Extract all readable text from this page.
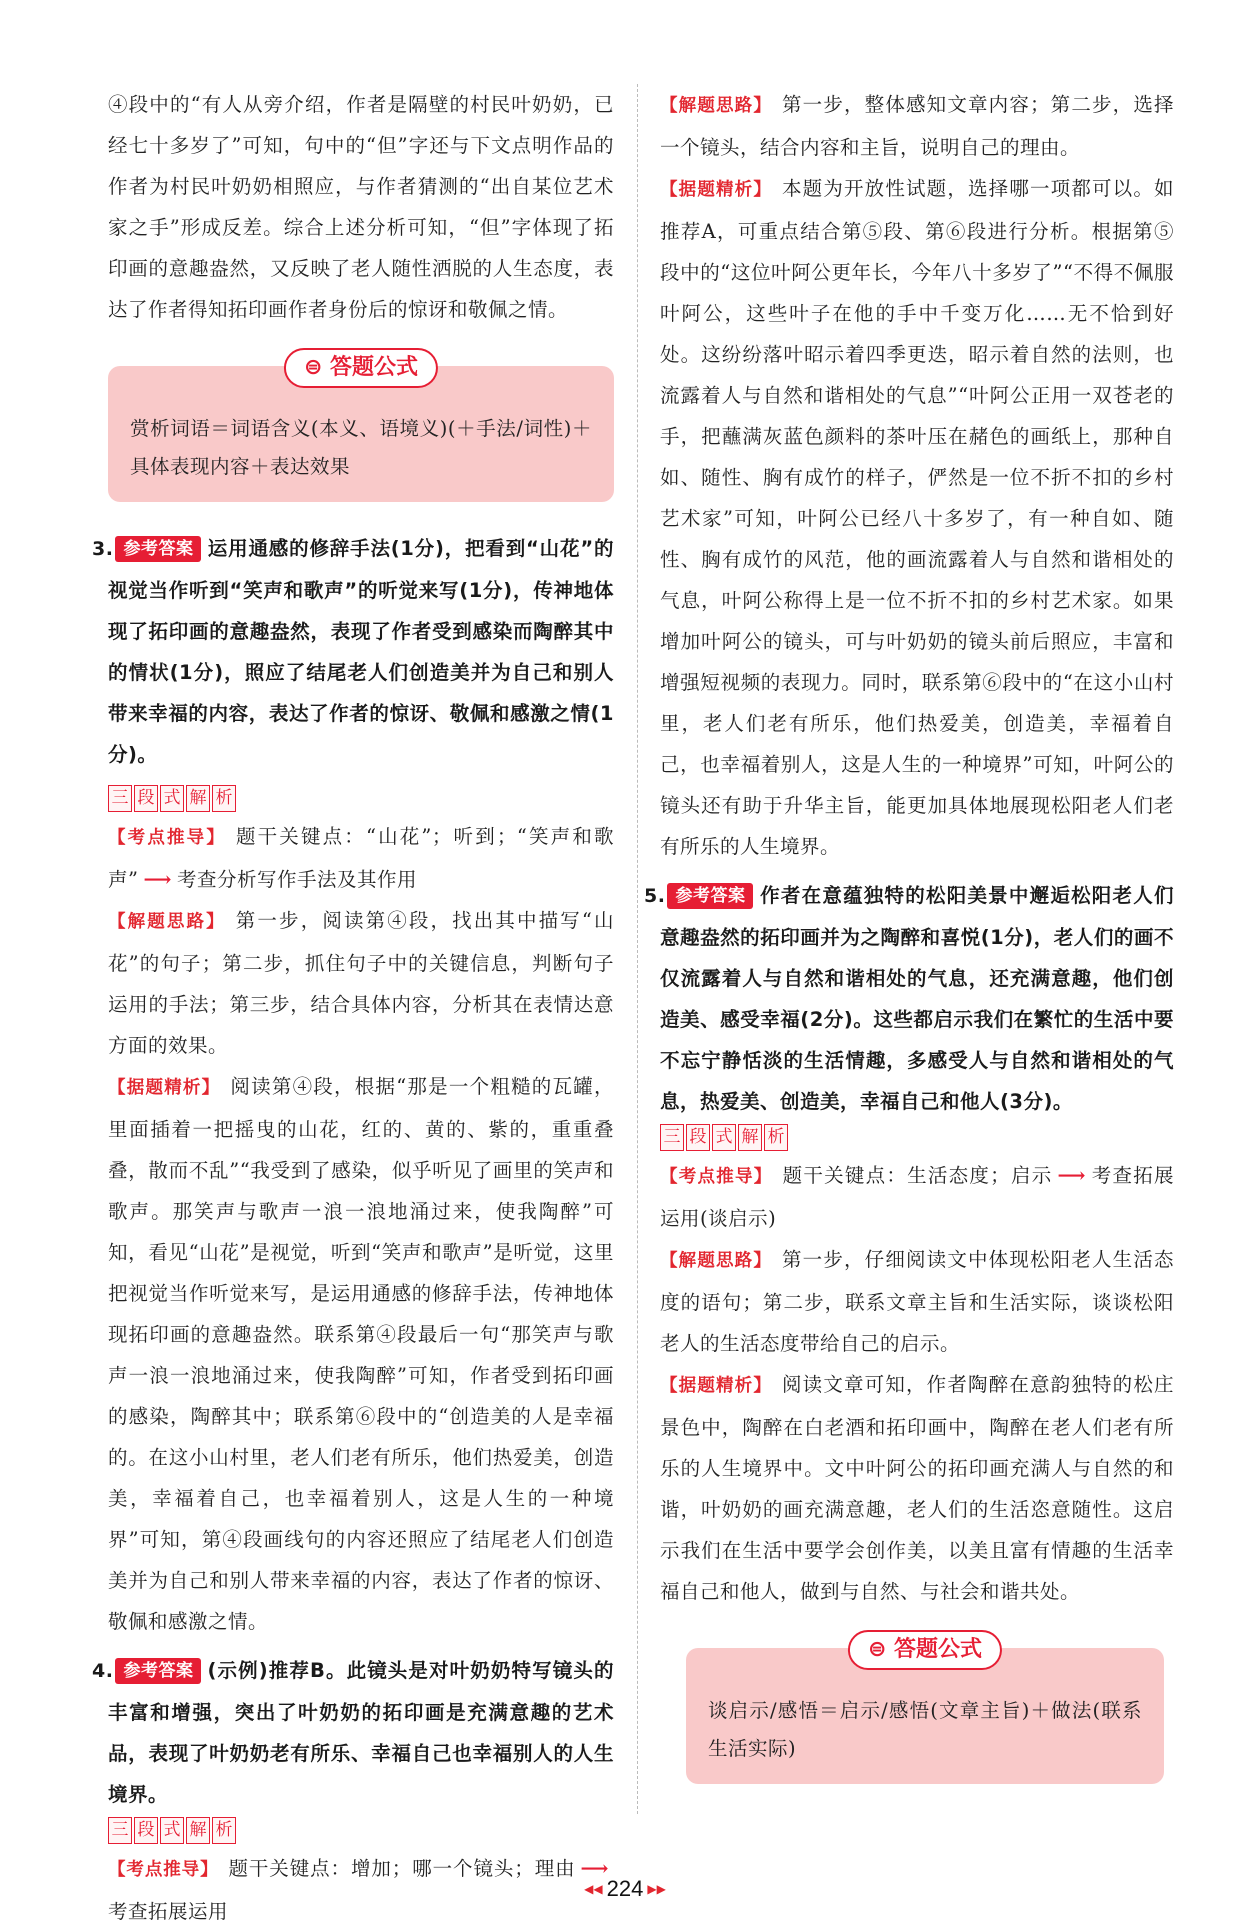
④段中的“有人从旁介绍，作者是隔壁的村民叶奶奶，已经七十多岁了”可知，句中的“但”字还与下文点明作品的作者为村民叶奶奶相照应，与作者猜测的“出自某位艺术家之手”形成反差。综合上述分析可知，“但”字体现了拓印画的意趣盎然，又反映了老人随性洒脱的人生态度，表达了作者得知拓印画作者身份后的惊讶和敬佩之情。

⊜ 答题公式

赏析词语＝词语含义(本义、语境义)(＋手法/词性)＋具体表现内容＋表达效果

3. 参考答案 运用通感的修辞手法(1分)，把看到“山花”的视觉当作听到“笑声和歌声”的听觉来写(1分)，传神地体现了拓印画的意趣盎然，表现了作者受到感染而陶醉其中的情状(1分)，照应了结尾老人们创造美并为自己和别人带来幸福的内容，表达了作者的惊讶、敬佩和感激之情(1分)。

三 段 式 解 析

【考点推导】 题干关键点：“山花”；听到；“笑声和歌声” ⟶ 考查分析写作手法及其作用

【解题思路】 第一步，阅读第④段，找出其中描写“山花”的句子；第二步，抓住句子中的关键信息，判断句子运用的手法；第三步，结合具体内容，分析其在表情达意方面的效果。

【据题精析】 阅读第④段，根据“那是一个粗糙的瓦罐，里面插着一把摇曳的山花，红的、黄的、紫的，重重叠叠，散而不乱”“我受到了感染，似乎听见了画里的笑声和歌声。那笑声与歌声一浪一浪地涌过来，使我陶醉”可知，看见“山花”是视觉，听到“笑声和歌声”是听觉，这里把视觉当作听觉来写，是运用通感的修辞手法，传神地体现拓印画的意趣盎然。联系第④段最后一句“那笑声与歌声一浪一浪地涌过来，使我陶醉”可知，作者受到拓印画的感染，陶醉其中；联系第⑥段中的“创造美的人是幸福的。在这小山村里，老人们老有所乐，他们热爱美，创造美，幸福着自己，也幸福着别人，这是人生的一种境界”可知，第④段画线句的内容还照应了结尾老人们创造美并为自己和别人带来幸福的内容，表达了作者的惊讶、敬佩和感激之情。

4. 参考答案 (示例)推荐B。此镜头是对叶奶奶特写镜头的丰富和增强，突出了叶奶奶的拓印画是充满意趣的艺术品，表现了叶奶奶老有所乐、幸福自己也幸福别人的人生境界。

三 段 式 解 析

【考点推导】 题干关键点：增加；哪一个镜头；理由 ⟶考查拓展运用

【解题思路】 第一步，整体感知文章内容；第二步，选择一个镜头，结合内容和主旨，说明自己的理由。

【据题精析】 本题为开放性试题，选择哪一项都可以。如推荐A，可重点结合第⑤段、第⑥段进行分析。根据第⑤段中的“这位叶阿公更年长，今年八十多岁了”“不得不佩服叶阿公，这些叶子在他的手中千变万化……无不恰到好处。这纷纷落叶昭示着四季更迭，昭示着自然的法则，也流露着人与自然和谐相处的气息”“叶阿公正用一双苍老的手，把蘸满灰蓝色颜料的茶叶压在赭色的画纸上，那种自如、随性、胸有成竹的样子，俨然是一位不折不扣的乡村艺术家”可知，叶阿公已经八十多岁了，有一种自如、随性、胸有成竹的风范，他的画流露着人与自然和谐相处的气息，叶阿公称得上是一位不折不扣的乡村艺术家。如果增加叶阿公的镜头，可与叶奶奶的镜头前后照应，丰富和增强短视频的表现力。同时，联系第⑥段中的“在这小山村里，老人们老有所乐，他们热爱美，创造美，幸福着自己，也幸福着别人，这是人生的一种境界”可知，叶阿公的镜头还有助于升华主旨，能更加具体地展现松阳老人们老有所乐的人生境界。

5. 参考答案 作者在意蕴独特的松阳美景中邂逅松阳老人们意趣盎然的拓印画并为之陶醉和喜悦(1分)，老人们的画不仅流露着人与自然和谐相处的气息，还充满意趣，他们创造美、感受幸福(2分)。这些都启示我们在繁忙的生活中要不忘宁静恬淡的生活情趣，多感受人与自然和谐相处的气息，热爱美、创造美，幸福自己和他人(3分)。

三 段 式 解 析

【考点推导】 题干关键点：生活态度；启示 ⟶ 考查拓展运用(谈启示)

【解题思路】 第一步，仔细阅读文中体现松阳老人生活态度的语句；第二步，联系文章主旨和生活实际，谈谈松阳老人的生活态度带给自己的启示。

【据题精析】 阅读文章可知，作者陶醉在意韵独特的松庄景色中，陶醉在白老酒和拓印画中，陶醉在老人们老有所乐的人生境界中。文中叶阿公的拓印画充满人与自然的和谐，叶奶奶的画充满意趣，老人们的生活恣意随性。这启示我们在生活中要学会创作美，以美且富有情趣的生活幸福自己和他人，做到与自然、与社会和谐共处。

⊜ 答题公式

谈启示/感悟＝启示/感悟(文章主旨)＋做法(联系生活实际)

◀◀ 224 ▶▶
